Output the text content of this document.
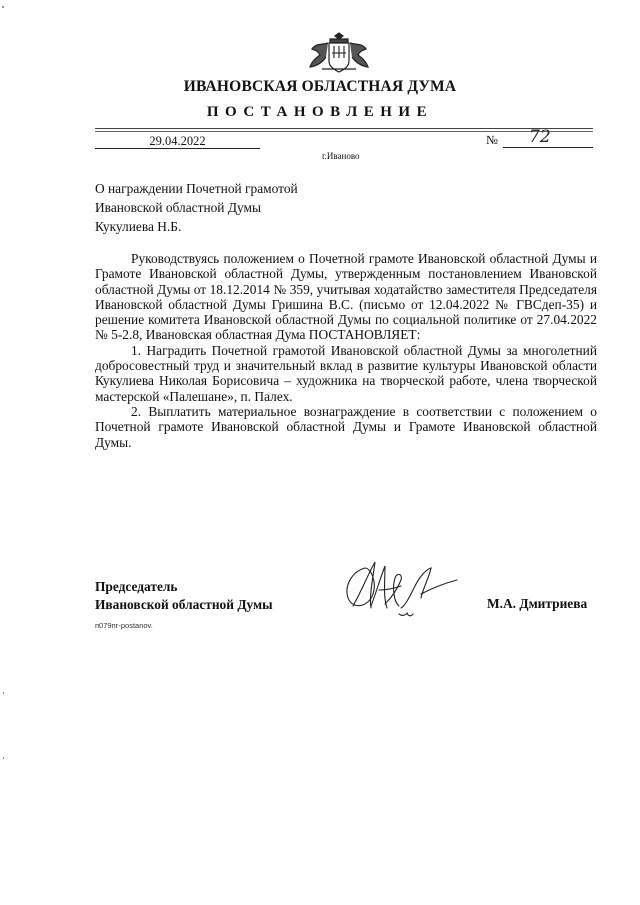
ИВАНОВСКАЯ ОБЛАСТНАЯ ДУМА
ПОСТАНОВЛЕНИЕ
29.04.2022	№	72
г.Иваново
О награждении Почетной грамотой
Ивановской областной Думы
Кукулиева Н.Б.

Руководствуясь положением о Почетной грамоте Ивановской областной Думы и Грамоте Ивановской областной Думы, утвержденным постановлением Ивановской областной Думы от 18.12.2014 № 359, учитывая ходатайство заместителя Председателя Ивановской областной Думы Гришина В.С. (письмо от 12.04.2022 № ГВСдеп-35) и решение комитета Ивановской областной Думы по социальной политике от 27.04.2022 № 5-2.8, Ивановская областная Дума ПОСТАНОВЛЯЕТ:

1. Наградить Почетной грамотой Ивановской областной Думы за многолетний добросовестный труд и значительный вклад в развитие культуры Ивановской области Кукулиева Николая Борисовича – художника на творческой работе, члена творческой мастерской «Палешане», п. Палех.

2. Выплатить материальное вознаграждение в соответствии с положением о Почетной грамоте Ивановской областной Думы и Грамоте Ивановской областной Думы.

Председатель
Ивановской областной Думы	М.А. Дмитриева
п079пг-postanov.
